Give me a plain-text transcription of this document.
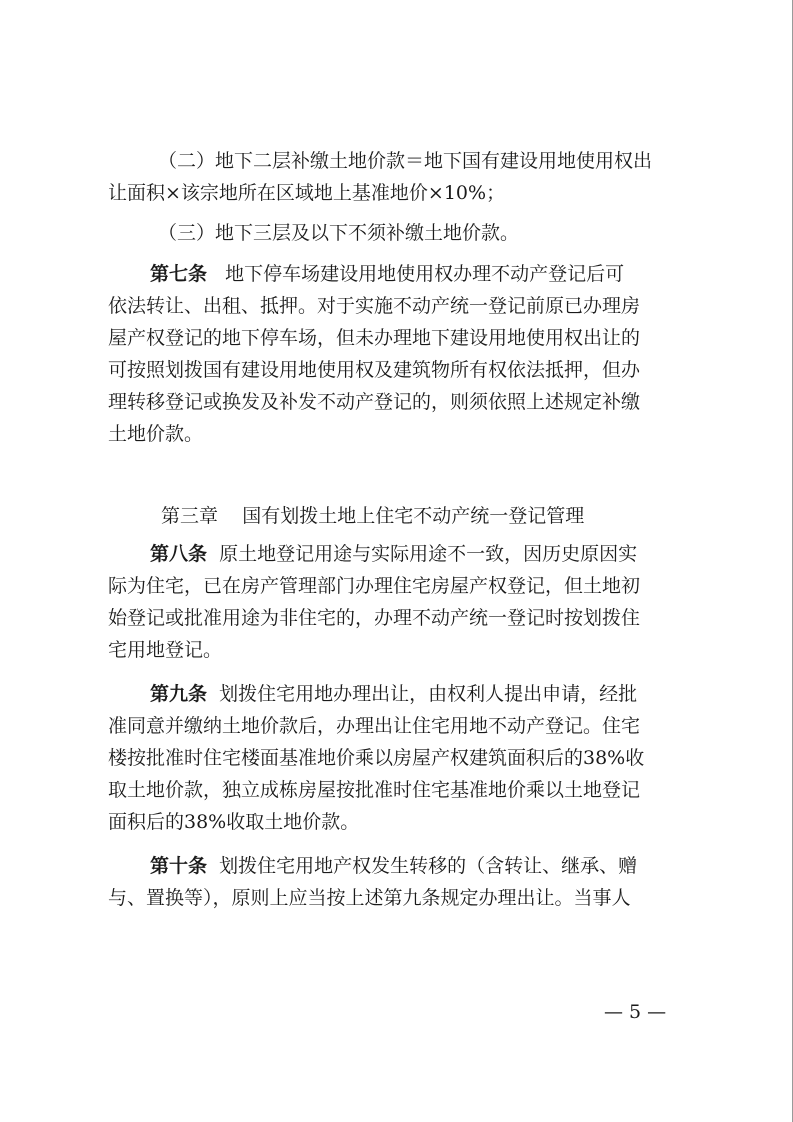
（二）地下二层补缴土地价款＝地下国有建设用地使用权出
让面积×该宗地所在区域地上基准地价×10%；
（三）地下三层及以下不须补缴土地价款。
第七条 地下停车场建设用地使用权办理不动产登记后可
依法转让、出租、抵押。对于实施不动产统一登记前原已办理房
屋产权登记的地下停车场，但未办理地下建设用地使用权出让的
可按照划拨国有建设用地使用权及建筑物所有权依法抵押，但办
理转移登记或换发及补发不动产登记的，则须依照上述规定补缴
土地价款。
第三章 国有划拨土地上住宅不动产统一登记管理
第八条 原土地登记用途与实际用途不一致，因历史原因实
际为住宅，已在房产管理部门办理住宅房屋产权登记，但土地初
始登记或批准用途为非住宅的，办理不动产统一登记时按划拨住
宅用地登记。
第九条 划拨住宅用地办理出让，由权利人提出申请，经批
准同意并缴纳土地价款后，办理出让住宅用地不动产登记。住宅
楼按批准时住宅楼面基准地价乘以房屋产权建筑面积后的38%收
取土地价款，独立成栋房屋按批准时住宅基准地价乘以土地登记
面积后的38%收取土地价款。
第十条 划拨住宅用地产权发生转移的（含转让、继承、赠
与、置换等），原则上应当按上述第九条规定办理出让。当事人
— 5 —
